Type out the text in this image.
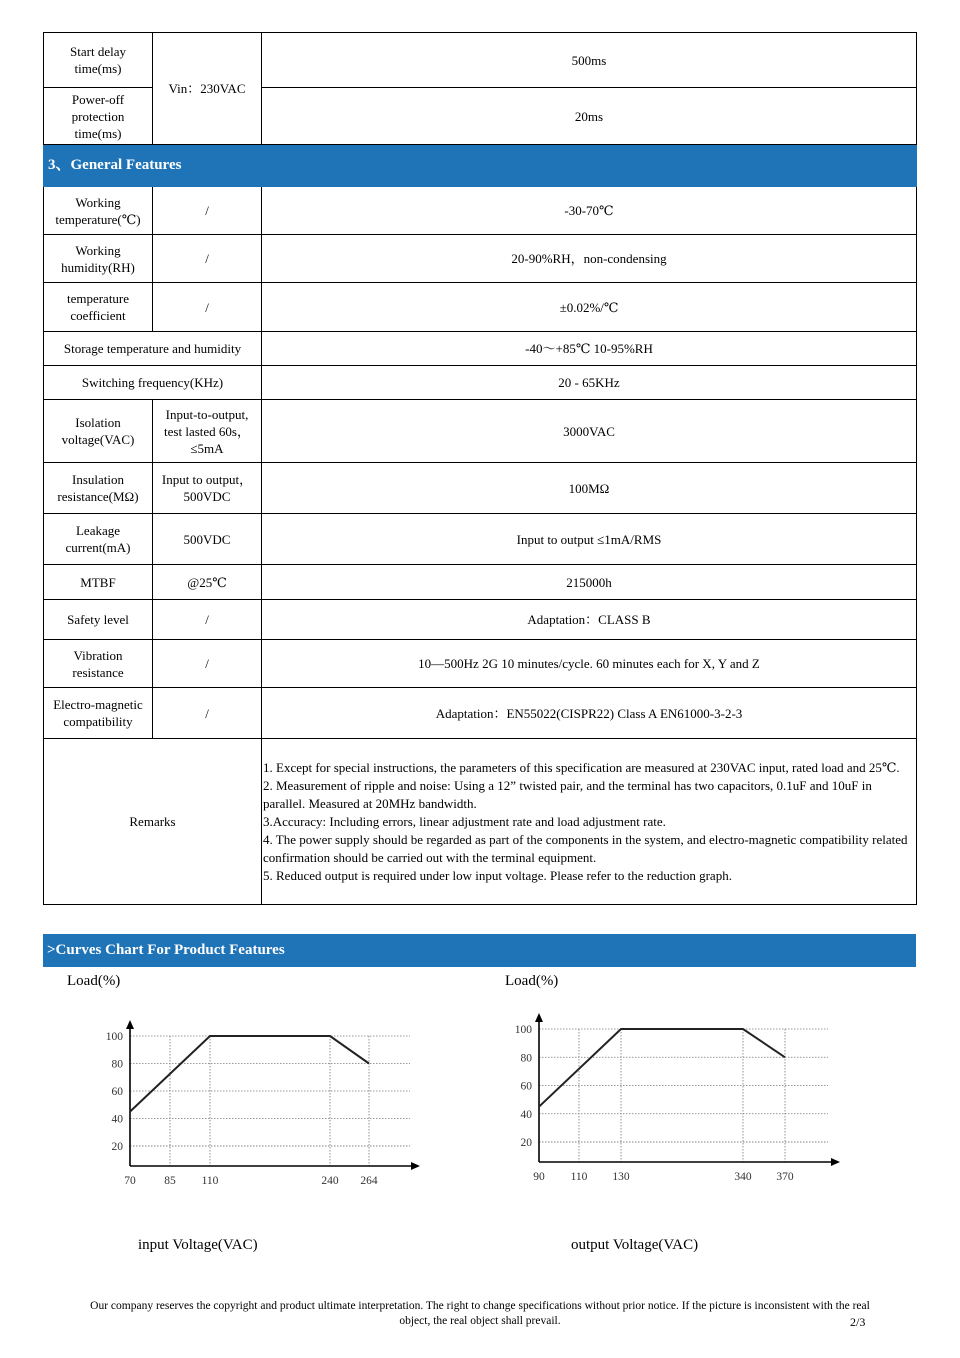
Start delay time(ms)	Vin：230VAC	500ms
Power-off protection time(ms)		20ms
3、General Features		
Working temperature(℃)	/	-30-70℃
Working humidity(RH)	/	20-90%RH，non-condensing
temperature coefficient	/	±0.02%/℃
Storage temperature and humidity		-40～+85℃ 10-95%RH
Switching frequency(KHz)		20 - 65KHz
Isolation voltage(VAC)	Input-to-output, test lasted 60s，≤5mA	3000VAC
Insulation resistance(MΩ)	Input to output，500VDC	100MΩ
Leakage current(mA)	500VDC	Input to output ≤1mA/RMS
MTBF	@25℃	215000h
Safety level	/	Adaptation：CLASS B
Vibration resistance	/	10—500Hz 2G 10 minutes/cycle. 60 minutes each for X, Y and Z
Electro-magnetic compatibility	/	Adaptation：EN55022(CISPR22) Class A EN61000-3-2-3
Remarks		1. Except for special instructions, the parameters of this specification are measured at 230VAC input, rated load and 25℃.
2. Measurement of ripple and noise: Using a 12” twisted pair, and the terminal has two capacitors, 0.1uF and 10uF in parallel. Measured at 20MHz bandwidth.
3.Accuracy: Including errors, linear adjustment rate and load adjustment rate.
4. The power supply should be regarded as part of the components in the system, and electro-magnetic compatibility related confirmation should be carried out with the terminal equipment.
5. Reduced output is required under low input voltage. Please refer to the reduction graph.
>Curves Chart For Product Features
Load(%)	Load(%)
100
80
60
40
20
70 85 110	240 264
100
80
60
40
20
90 110 130	340 370
input Voltage(VAC)	output Voltage(VAC)
Our company reserves the copyright and product ultimate interpretation. The right to change specifications without prior notice. If the picture is inconsistent with the real object, the real object shall prevail.	2/3
